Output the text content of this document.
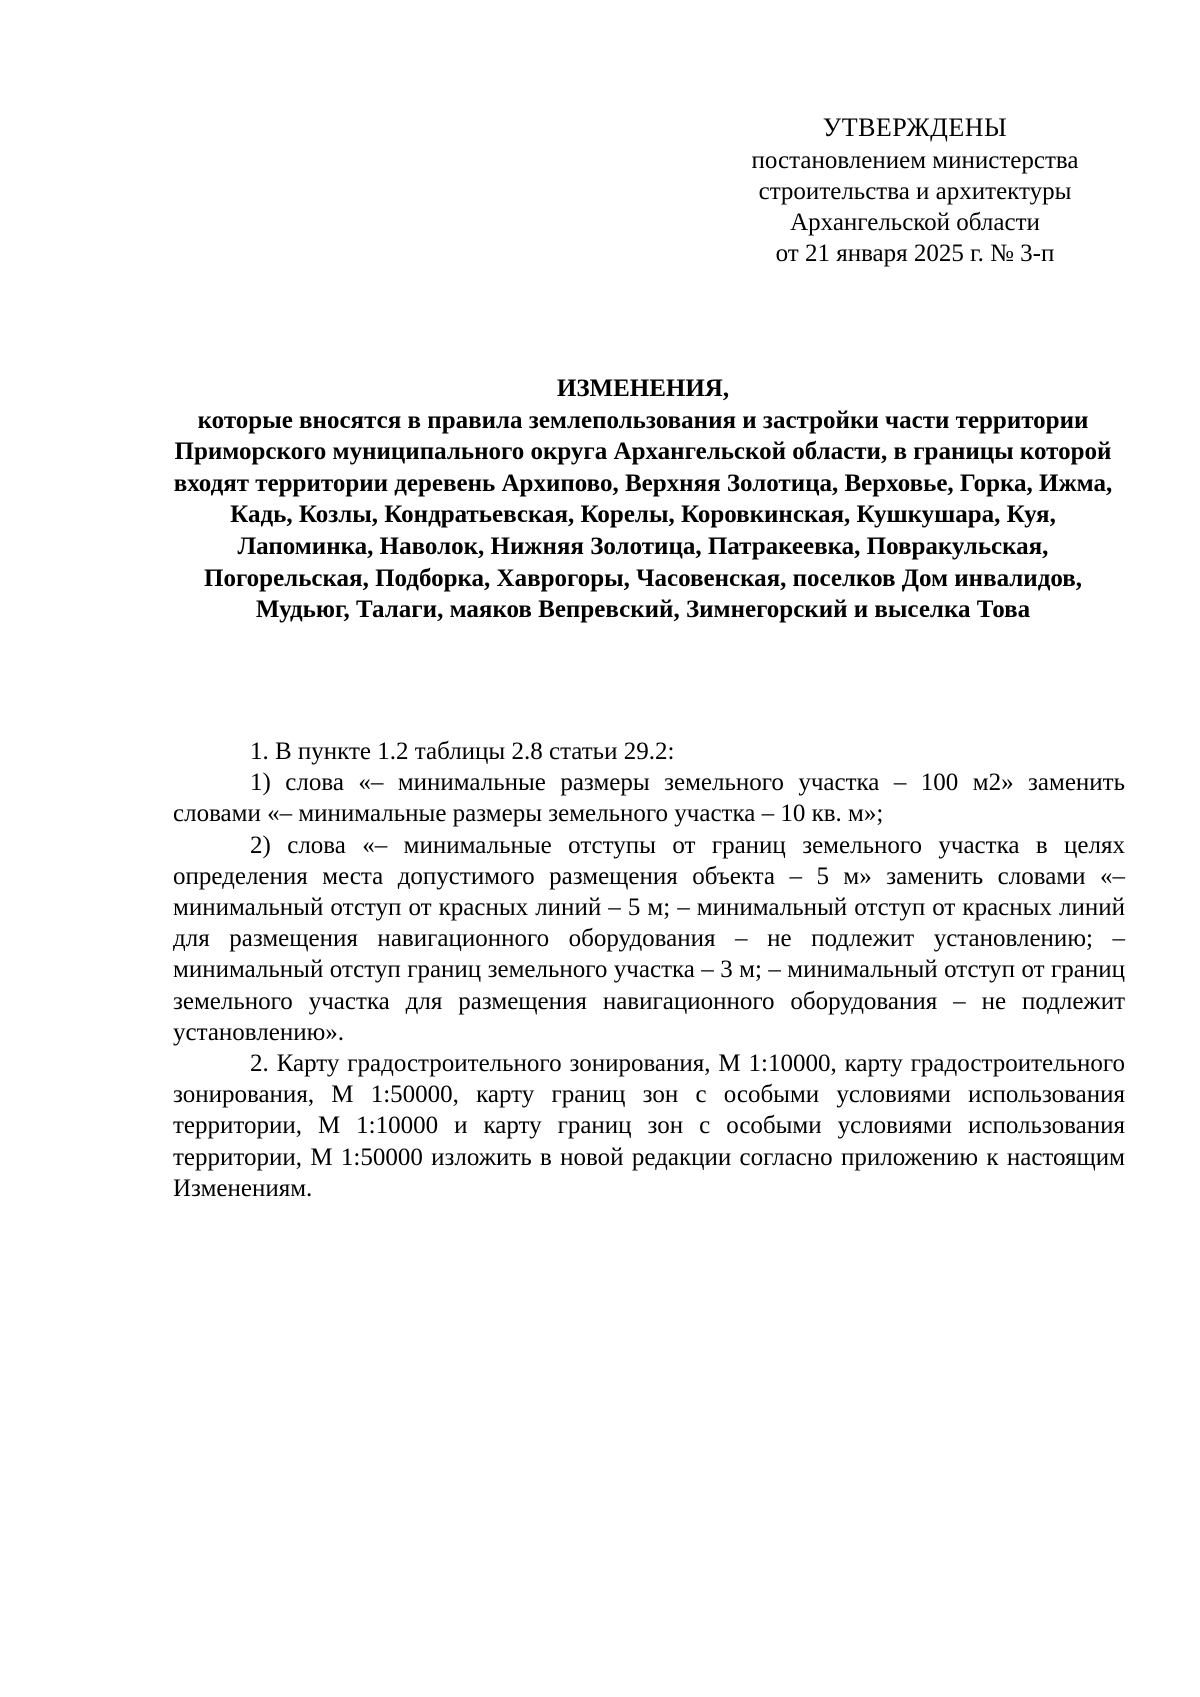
УТВЕРЖДЕНЫ
постановлением министерства
строительства и архитектуры
Архангельской области
от 21 января 2025 г. № 3-п
ИЗМЕНЕНИЯ,
которые вносятся в правила землепользования и застройки части территории Приморского муниципального округа Архангельской области, в границы которой входят территории деревень Архипово, Верхняя Золотица, Верховье, Горка, Ижма, Кадь, Козлы, Кондратьевская, Корелы, Коровкинская, Кушкушара, Куя, Лапоминка, Наволок, Нижняя Золотица, Патракеевка, Повракульская, Погорельская, Подборка, Хаврогоры, Часовенская, поселков Дом инвалидов, Мудьюг, Талаги, маяков Вепревский, Зимнегорский и выселка Това

1. В пункте 1.2 таблицы 2.8 статьи 29.2:

1) слова «– минимальные размеры земельного участка – 100 м2» заменить словами «– минимальные размеры земельного участка – 10 кв. м»;

2) слова «– минимальные отступы от границ земельного участка в целях определения места допустимого размещения объекта – 5 м» заменить словами «– минимальный отступ от красных линий – 5 м; – минимальный отступ от красных линий для размещения навигационного оборудования – не подлежит установлению; – минимальный отступ границ земельного участка – 3 м; – минимальный отступ от границ земельного участка для размещения навигационного оборудования – не подлежит установлению».

2. Карту градостроительного зонирования, М 1:10000, карту градостроительного зонирования, М 1:50000, карту границ зон с особыми условиями использования территории, М 1:10000 и карту границ зон с особыми условиями использования территории, М 1:50000 изложить в новой редакции согласно приложению к настоящим Изменениям.
